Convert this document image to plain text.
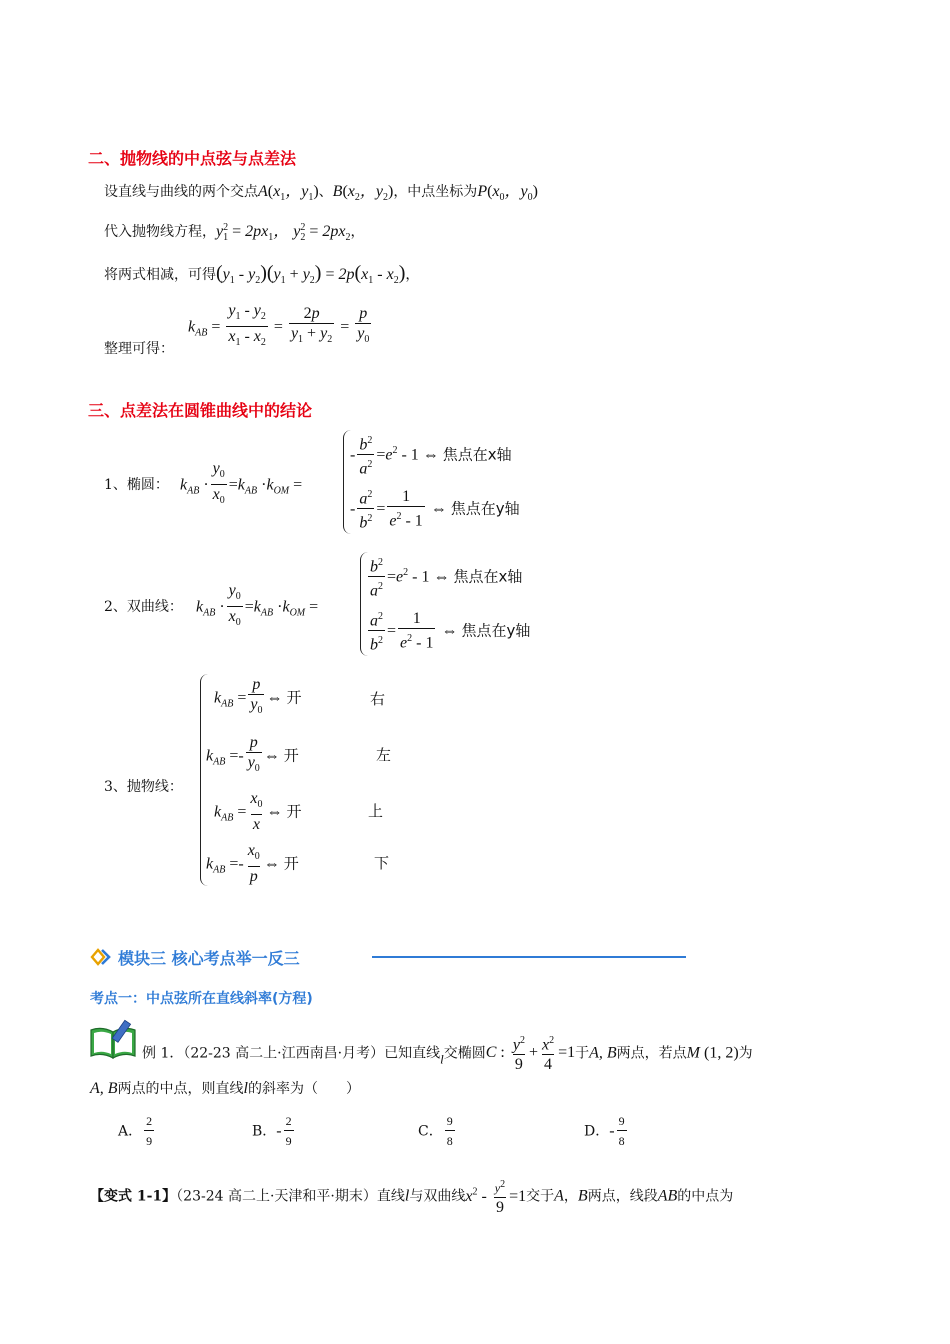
二、抛物线的中点弦与点差法
设直线与曲线的两个交点$A(x_1$，$y_1$)、$B(x_2$，$y_2$)，中点坐标为$P(x_0$，$y_0$)
代入抛物线方程，$y_1^2 = 2px_1$， $y_2^2 = 2px_2$，
将两式相减，可得$(y_1 - y_2)(y_1 + y_2) = 2p(x_1 - x_2)$，
$k_{AB} = \frac{y_1 - y_2}{x_1 - x_2} = \frac{2p}{y_1 + y_2} = \frac{p}{y_0}$
整理可得：
三、点差法在圆锥曲线中的结论
1、椭圆： $k_{AB} \cdot \frac{y_0}{x_0} =k_{AB} \cdot k_{OM}$ =
- $\frac{b^2}{a^2} =e^2 - 1$ ⇔ 焦点在x轴
- $\frac{a^2}{b^2} = \frac{1}{e^2 - 1}$ ⇔ 焦点在y轴
2、双曲线： $k_{AB} \cdot \frac{y_0}{x_0} =k_{AB} \cdot k_{OM}$ =
$\frac{b^2}{a^2} =e^2 - 1$ ⇔ 焦点在x轴
$\frac{a^2}{b^2} = \frac{1}{e^2 - 1}$ ⇔ 焦点在y轴
3、抛物线：
$k_{AB} = \frac{p}{y_0}$ ⇔ 开	右
$k_{AB} =- \frac{p}{y_0}$ ⇔ 开	左
$k_{AB} = \frac{x_0}{x}$ ⇔ 开	上
$k_{AB} =- \frac{x_0}{p}$ ⇔ 开	下
模块三 核心考点举一反三
考点一：中点弦所在直线斜率(方程)
例 1．（22-23 高二上·江西南昌·月考）已知直线l交椭圆C : $\frac{y^2}{9} + \frac{x^2}{4} =1$于A, B两点，若点M (1, 2)为
A, B两点的中点，则直线l的斜率为（　　）
A． $\frac{2}{9}$	B．- $\frac{2}{9}$	C． $\frac{9}{8}$	D．- $\frac{9}{8}$
【变式 1-1】（23-24 高二上·天津和平·期末）直线l与双曲线$x^2 - \frac{y^2}{9} =1$交于A，B两点，线段AB的中点为
